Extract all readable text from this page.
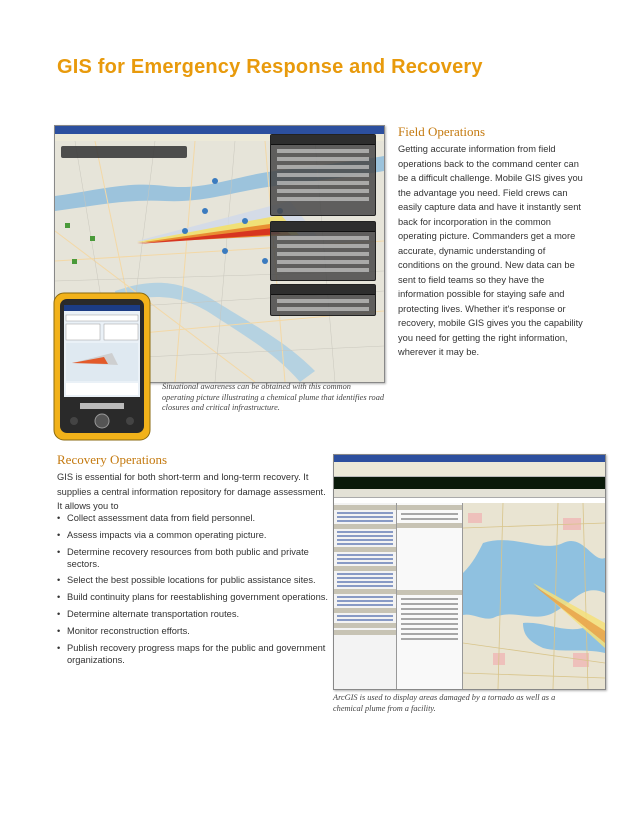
GIS for Emergency Response and Recovery
Field Operations

Getting accurate information from field operations back to the command center can be a difficult challenge. Mobile GIS gives you the advantage you need. Field crews can easily capture data and have it instantly sent back for incorporation in the common operating picture. Commanders get a more accurate, dynamic understanding of conditions on the ground. New data can be sent to field teams so they have the information possible for staying safe and protecting lives. Whether it's response or recovery, mobile GIS gives you the capability you need for getting the right information, wherever it may be.

Situational awareness can be obtained with this common operating picture illustrating a chemical plume that identifies road closures and critical infrastructure.

Recovery Operations

GIS is essential for both short-term and long-term recovery. It supplies a central information repository for damage assessment. It allows you to

• Collect assessment data from field personnel.
• Assess impacts via a common operating picture.
• Determine recovery resources from both public and private sectors.
• Select the best possible locations for public assistance sites.
• Build continuity plans for reestablishing government operations.
• Determine alternate transportation routes.
• Monitor reconstruction efforts.
• Publish recovery progress maps for the public and government organizations.

ArcGIS is used to display areas damaged by a tornado as well as a chemical plume from a facility.
